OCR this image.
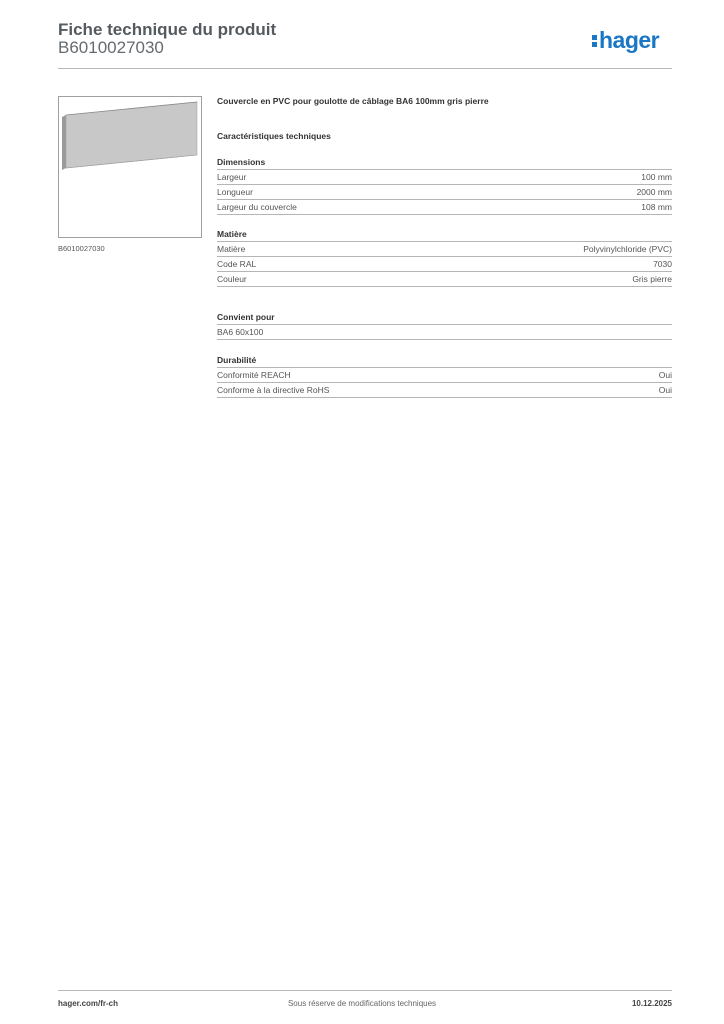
Fiche technique du produit
B6010027030	hager
B6010027030
Couvercle en PVC pour goulotte de câblage BA6 100mm gris pierre
Caractéristiques techniques
Dimensions
Largeur	100 mm
Longueur	2000 mm
Largeur du couvercle	108 mm
Matière
Matière	Polyvinylchloride (PVC)
Code RAL	7030
Couleur	Gris pierre
Convient pour
BA6 60x100
Durabilité
Conformité REACH	Oui
Conforme à la directive RoHS	Oui
hager.com/fr-ch	Sous réserve de modifications techniques	10.12.2025
